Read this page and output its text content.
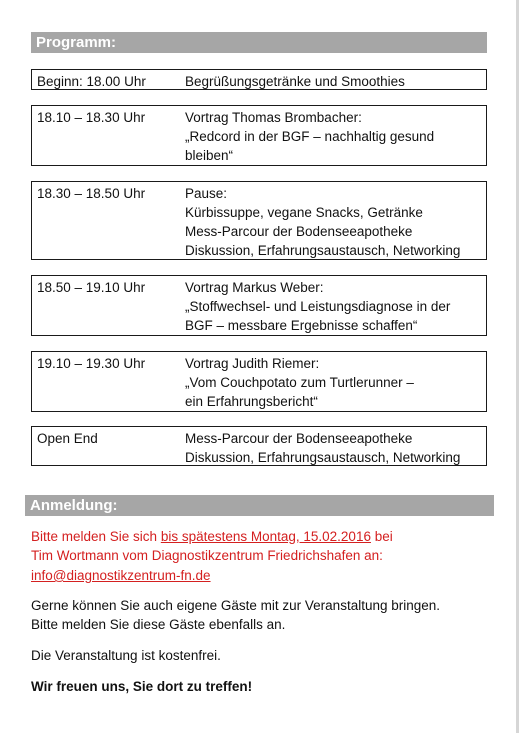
Programm:
Beginn: 18.00 Uhr	Begrüßungsgetränke und Smoothies
18.10 – 18.30 Uhr	Vortrag Thomas Brombacher:
„Redcord in der BGF – nachhaltig gesund
bleiben“
18.30 – 18.50 Uhr	Pause:
Kürbissuppe, vegane Snacks, Getränke
Mess-Parcour der Bodenseeapotheke
Diskussion, Erfahrungsaustausch, Networking
18.50 – 19.10 Uhr	Vortrag Markus Weber:
„Stoffwechsel- und Leistungsdiagnose in der
BGF – messbare Ergebnisse schaffen“
19.10 – 19.30 Uhr	Vortrag Judith Riemer:
„Vom Couchpotato zum Turtlerunner –
ein Erfahrungsbericht“
Open End	Mess-Parcour der Bodenseeapotheke
Diskussion, Erfahrungsaustausch, Networking
Anmeldung:
Bitte melden Sie sich bis spätestens Montag, 15.02.2016 bei
Tim Wortmann vom Diagnostikzentrum Friedrichshafen an:
info@diagnostikzentrum-fn.de
Gerne können Sie auch eigene Gäste mit zur Veranstaltung bringen.
Bitte melden Sie diese Gäste ebenfalls an.
Die Veranstaltung ist kostenfrei.
Wir freuen uns, Sie dort zu treffen!
